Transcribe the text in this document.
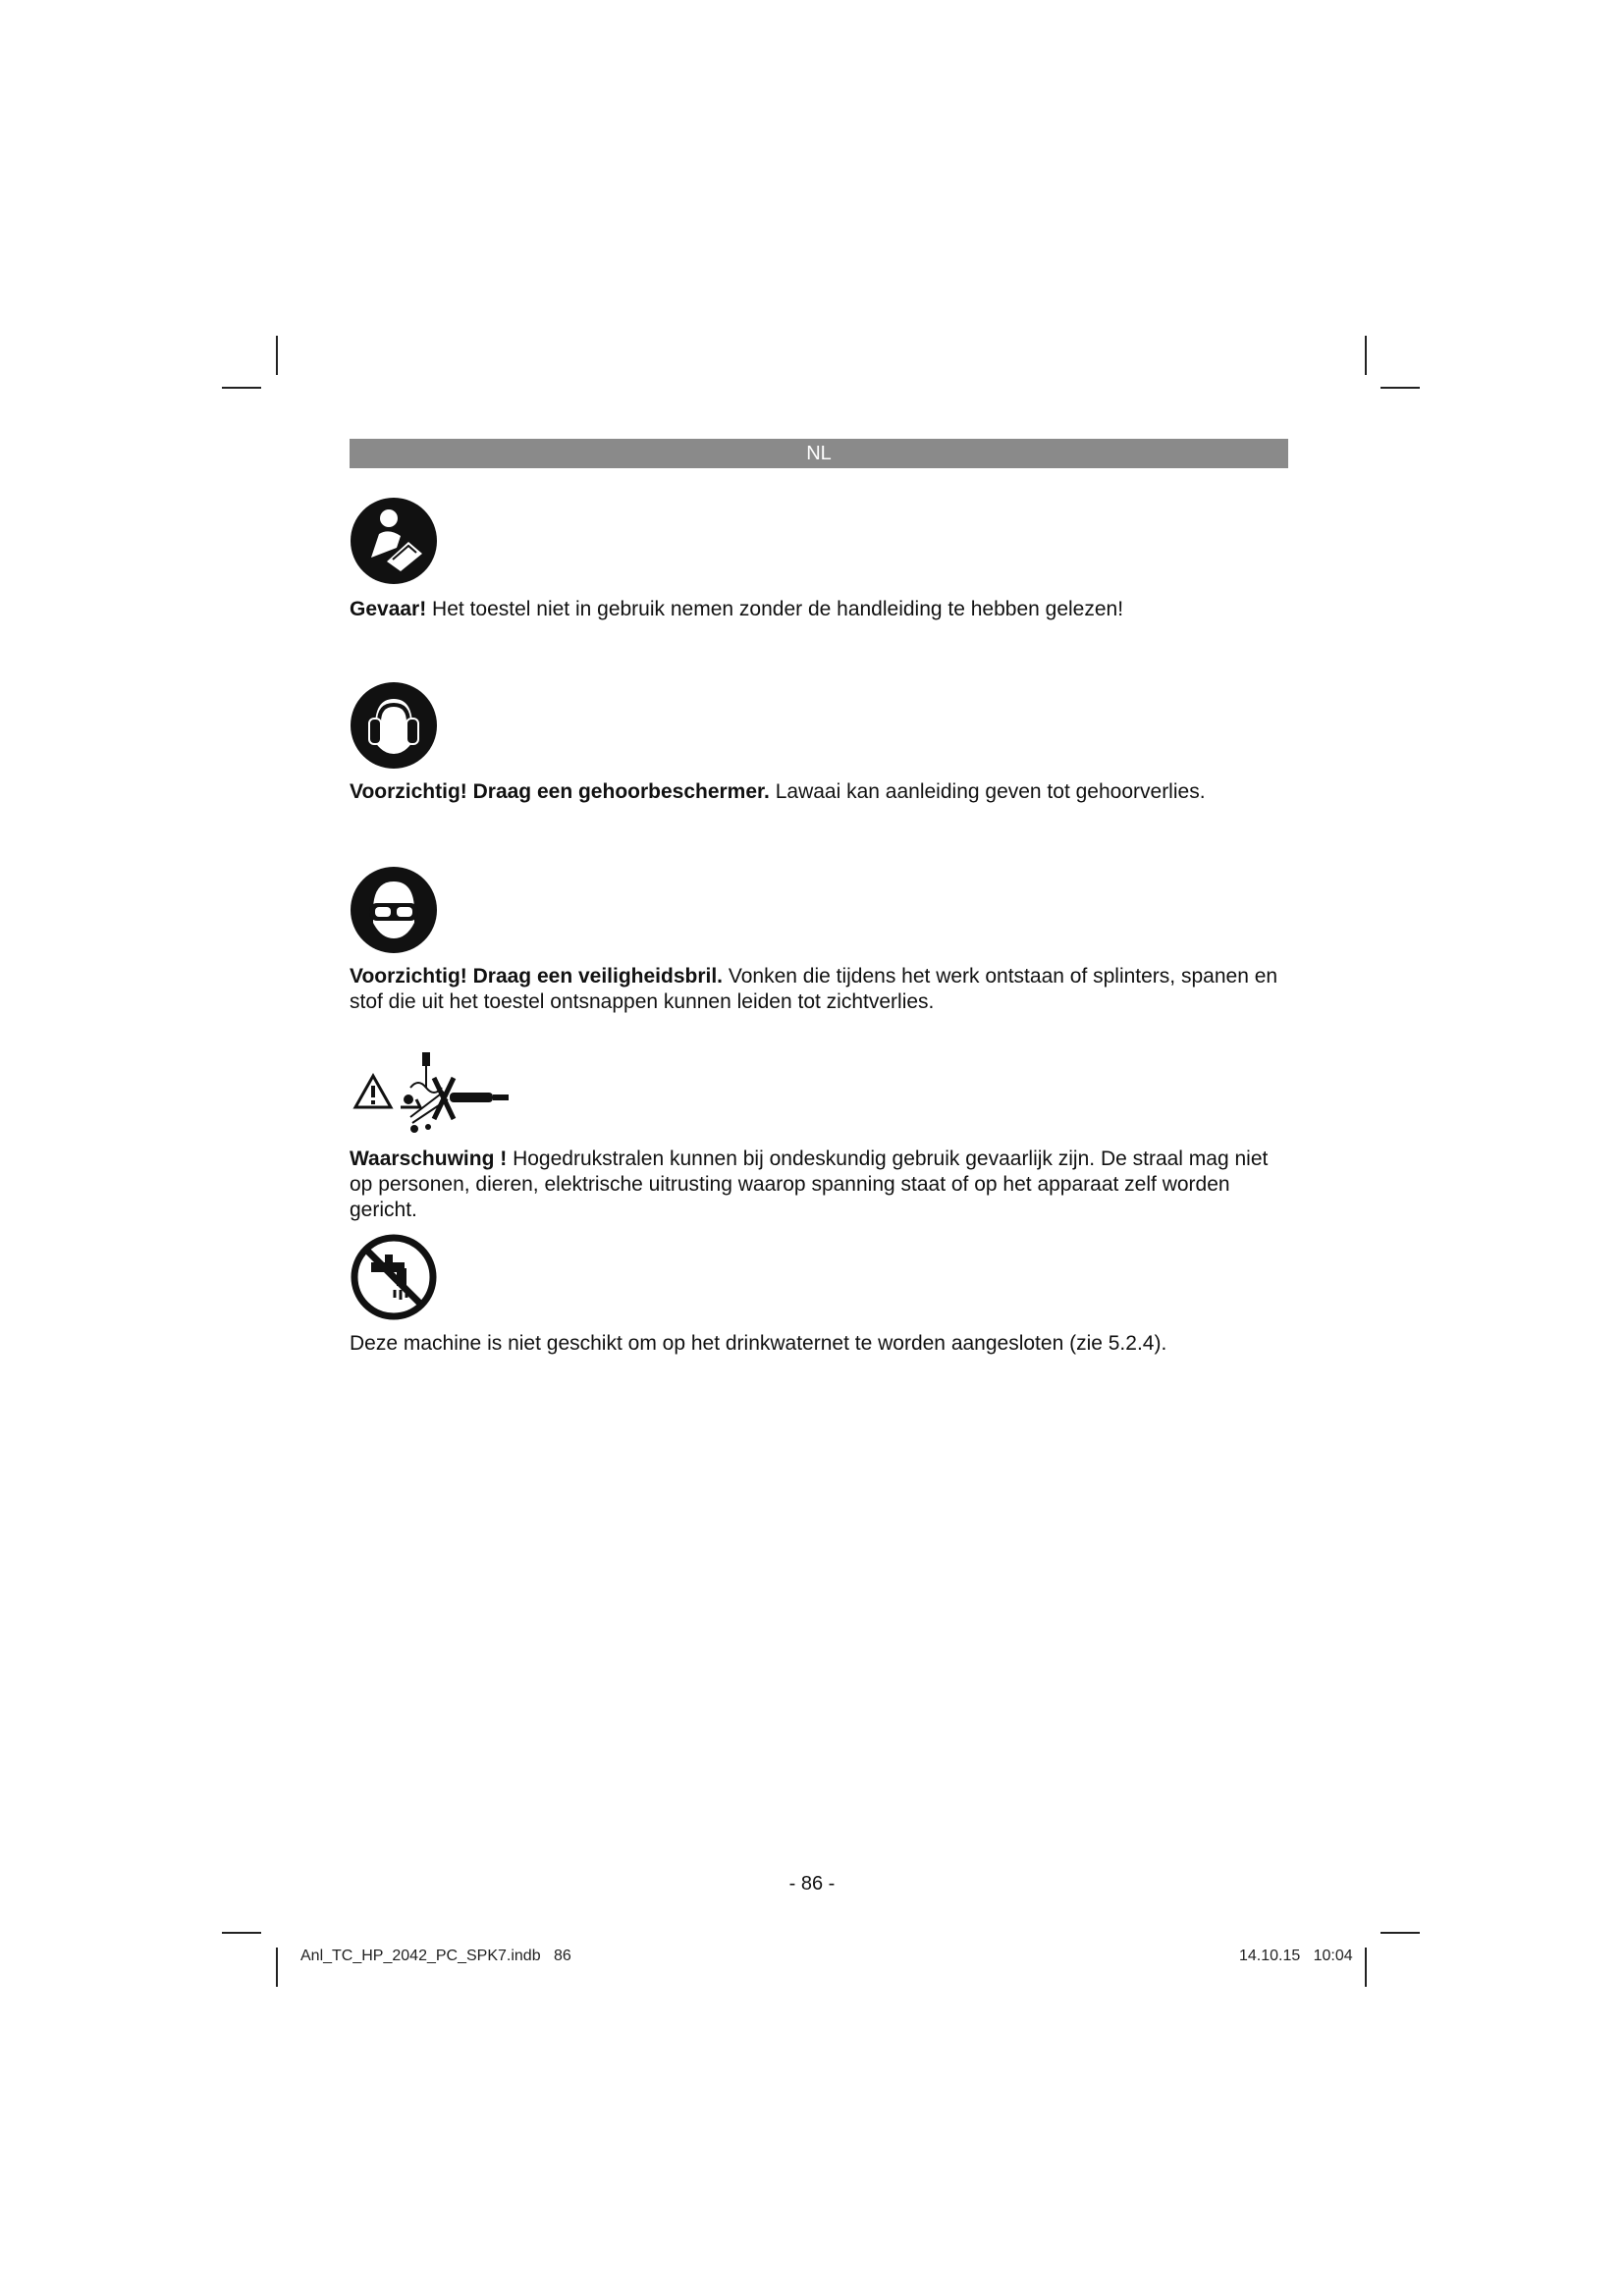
NL
Gevaar! Het toestel niet in gebruik nemen zonder de handleiding te hebben gelezen!
Voorzichtig! Draag een gehoorbeschermer. Lawaai kan aanleiding geven tot gehoorverlies.
Voorzichtig! Draag een veiligheidsbril. Vonken die tijdens het werk ontstaan of splinters, spanen en stof die uit het toestel ontsnappen kunnen leiden tot zichtverlies.
Waarschuwing ! Hogedrukstralen kunnen bij ondeskundig gebruik gevaarlijk zijn. De straal mag niet op personen, dieren, elektrische uitrusting waarop spanning staat of op het apparaat zelf worden gericht.
Deze machine is niet geschikt om op het drinkwaternet te worden aangesloten (zie 5.2.4).
- 86 -
Anl_TC_HP_2042_PC_SPK7.indb   86	14.10.15   10:04
